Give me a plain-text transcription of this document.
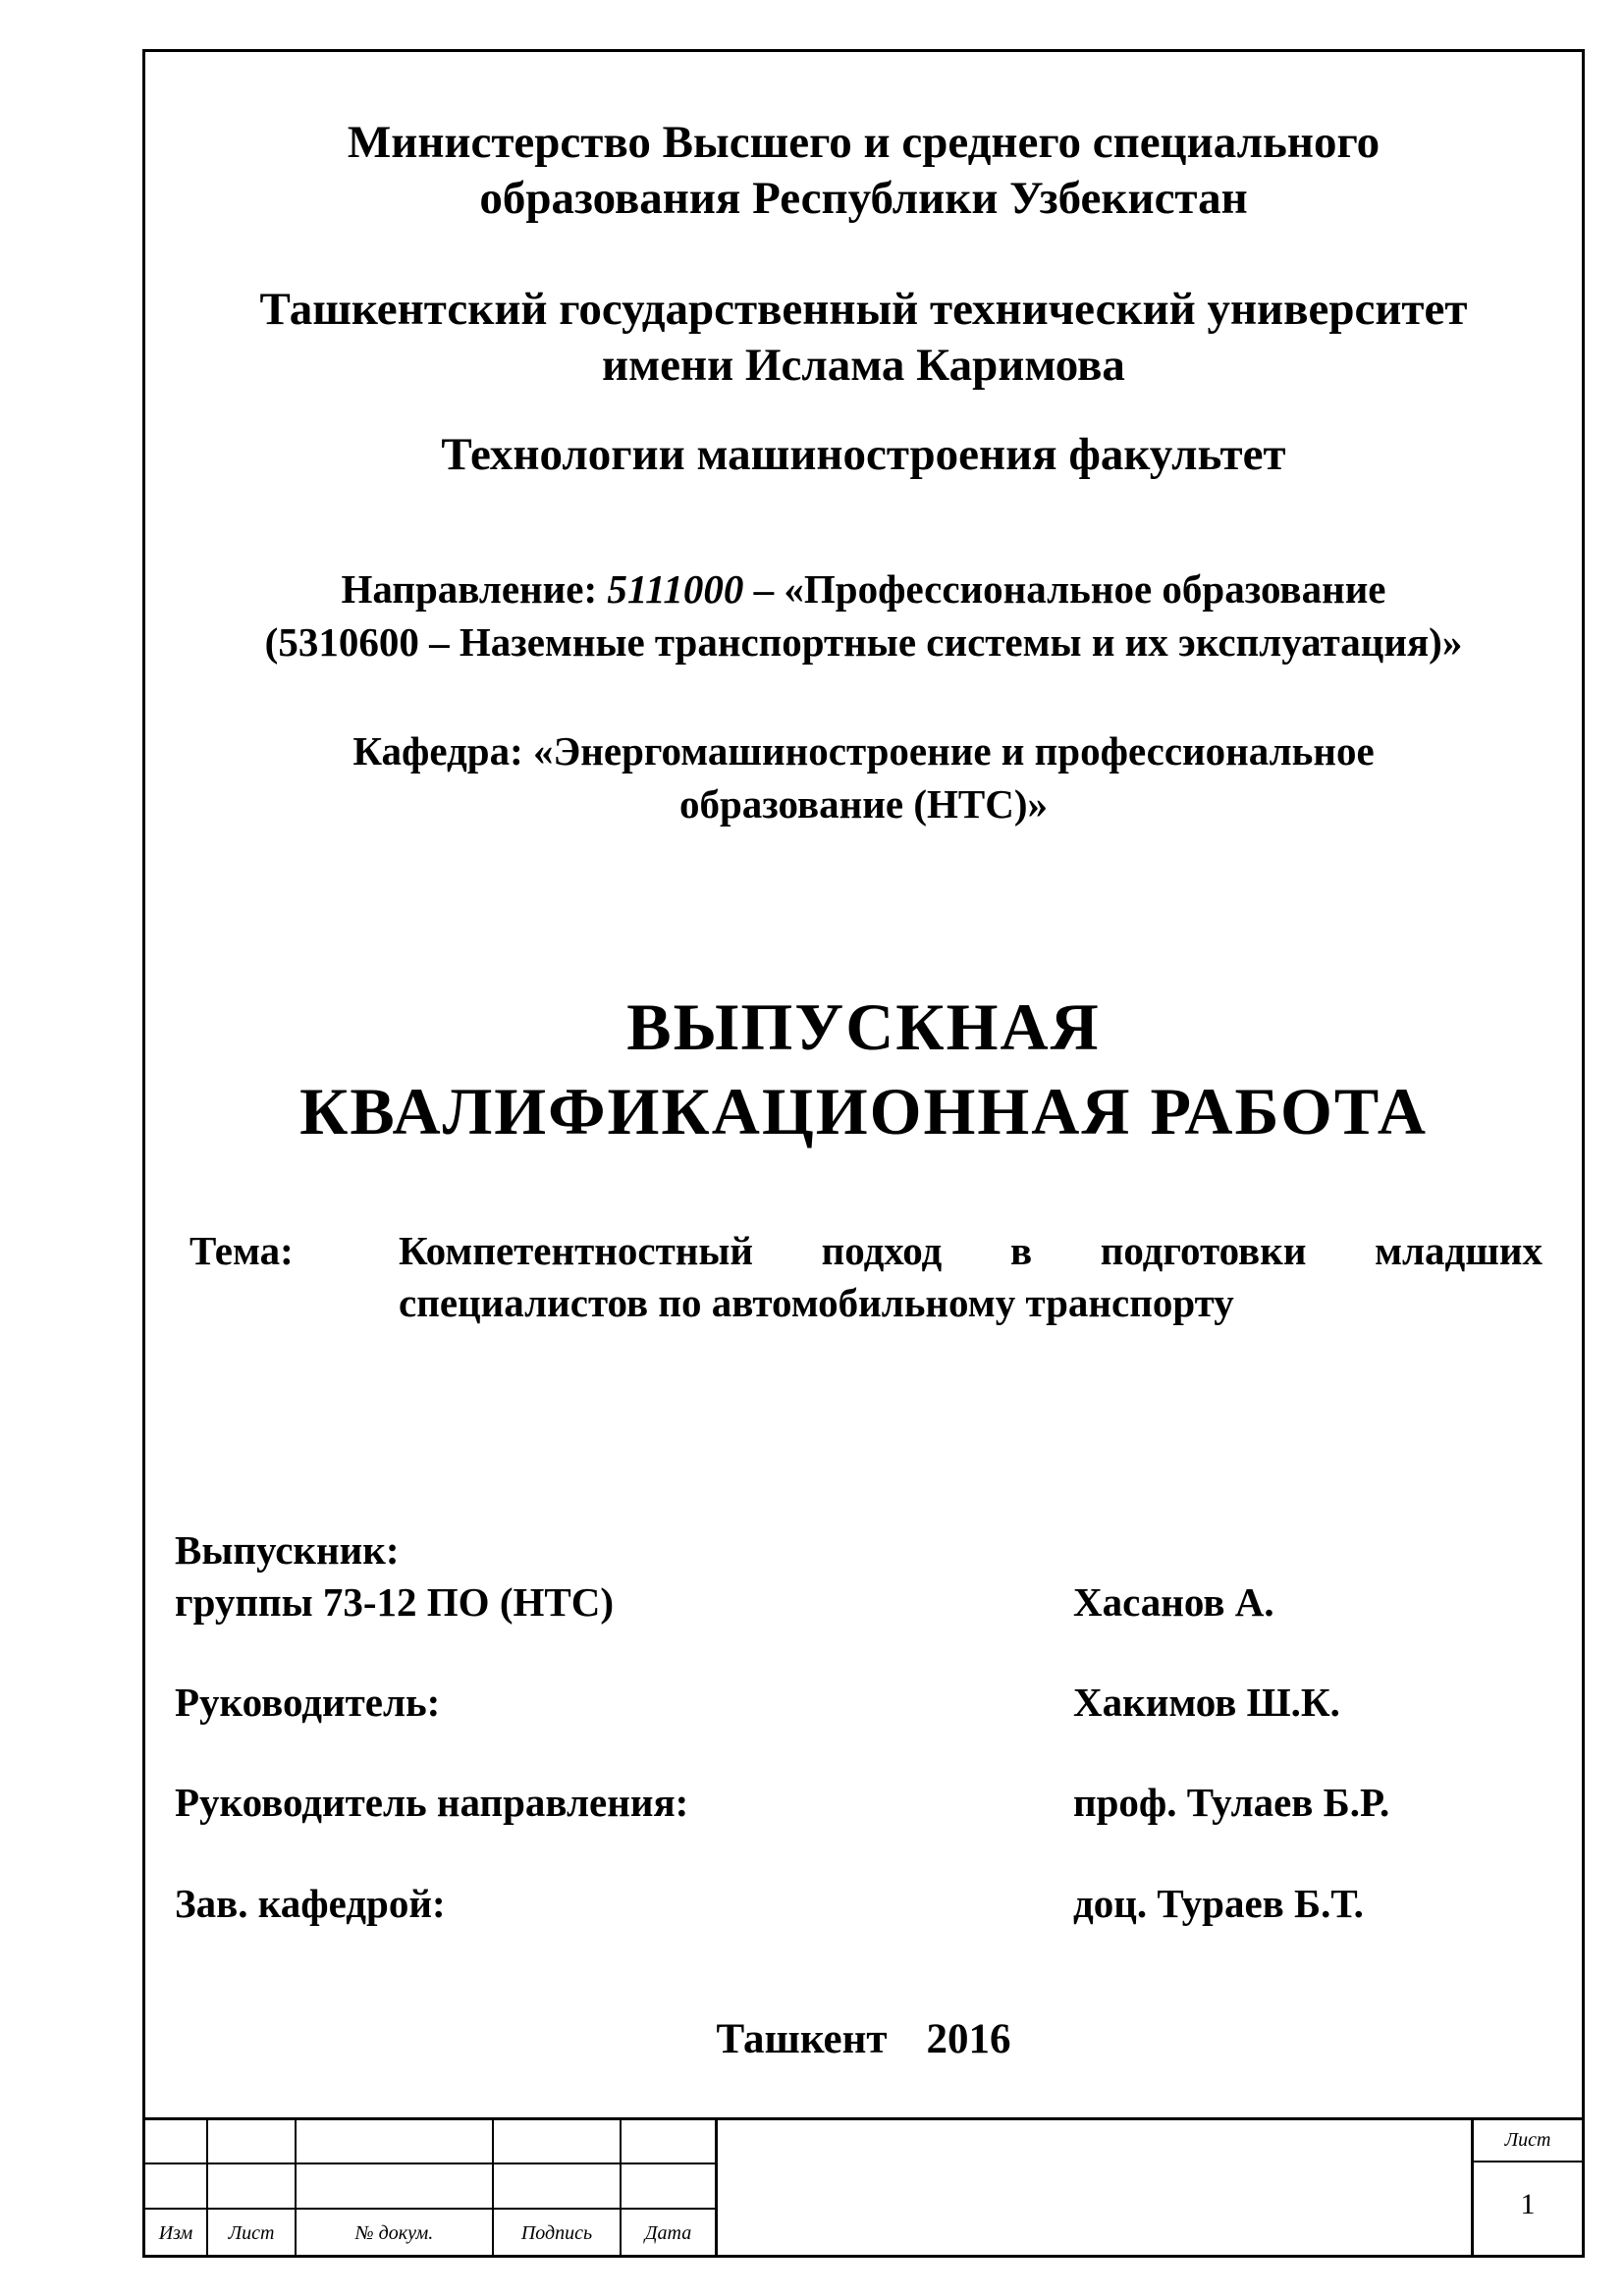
Министерство Высшего и среднего специального
образования Республики Узбекистан
Ташкентский государственный технический университет
имени Ислама Каримова
Технологии машиностроения факультет
Направление: 5111000 – «Профессиональное образование
(5310600 – Наземные транспортные системы и их эксплуатация)»
Кафедра: «Энергомашиностроение и профессиональное
образование (НТС)»
ВЫПУСКНАЯ
КВАЛИФИКАЦИОННАЯ РАБОТА
Тема:	Компетентностный подход в подготовки младших специалистов по автомобильному транспорту
Выпускник:
группы 73-12 ПО (НТС)	Хасанов А.
Руководитель:	Хакимов Ш.К.
Руководитель направления:	проф. Тулаев Б.Р.
Зав. кафедрой:	доц. Тураев Б.Т.
Ташкент 2016
Изм	Лист	№ докум.	Подпись	Дата
Лист
1
